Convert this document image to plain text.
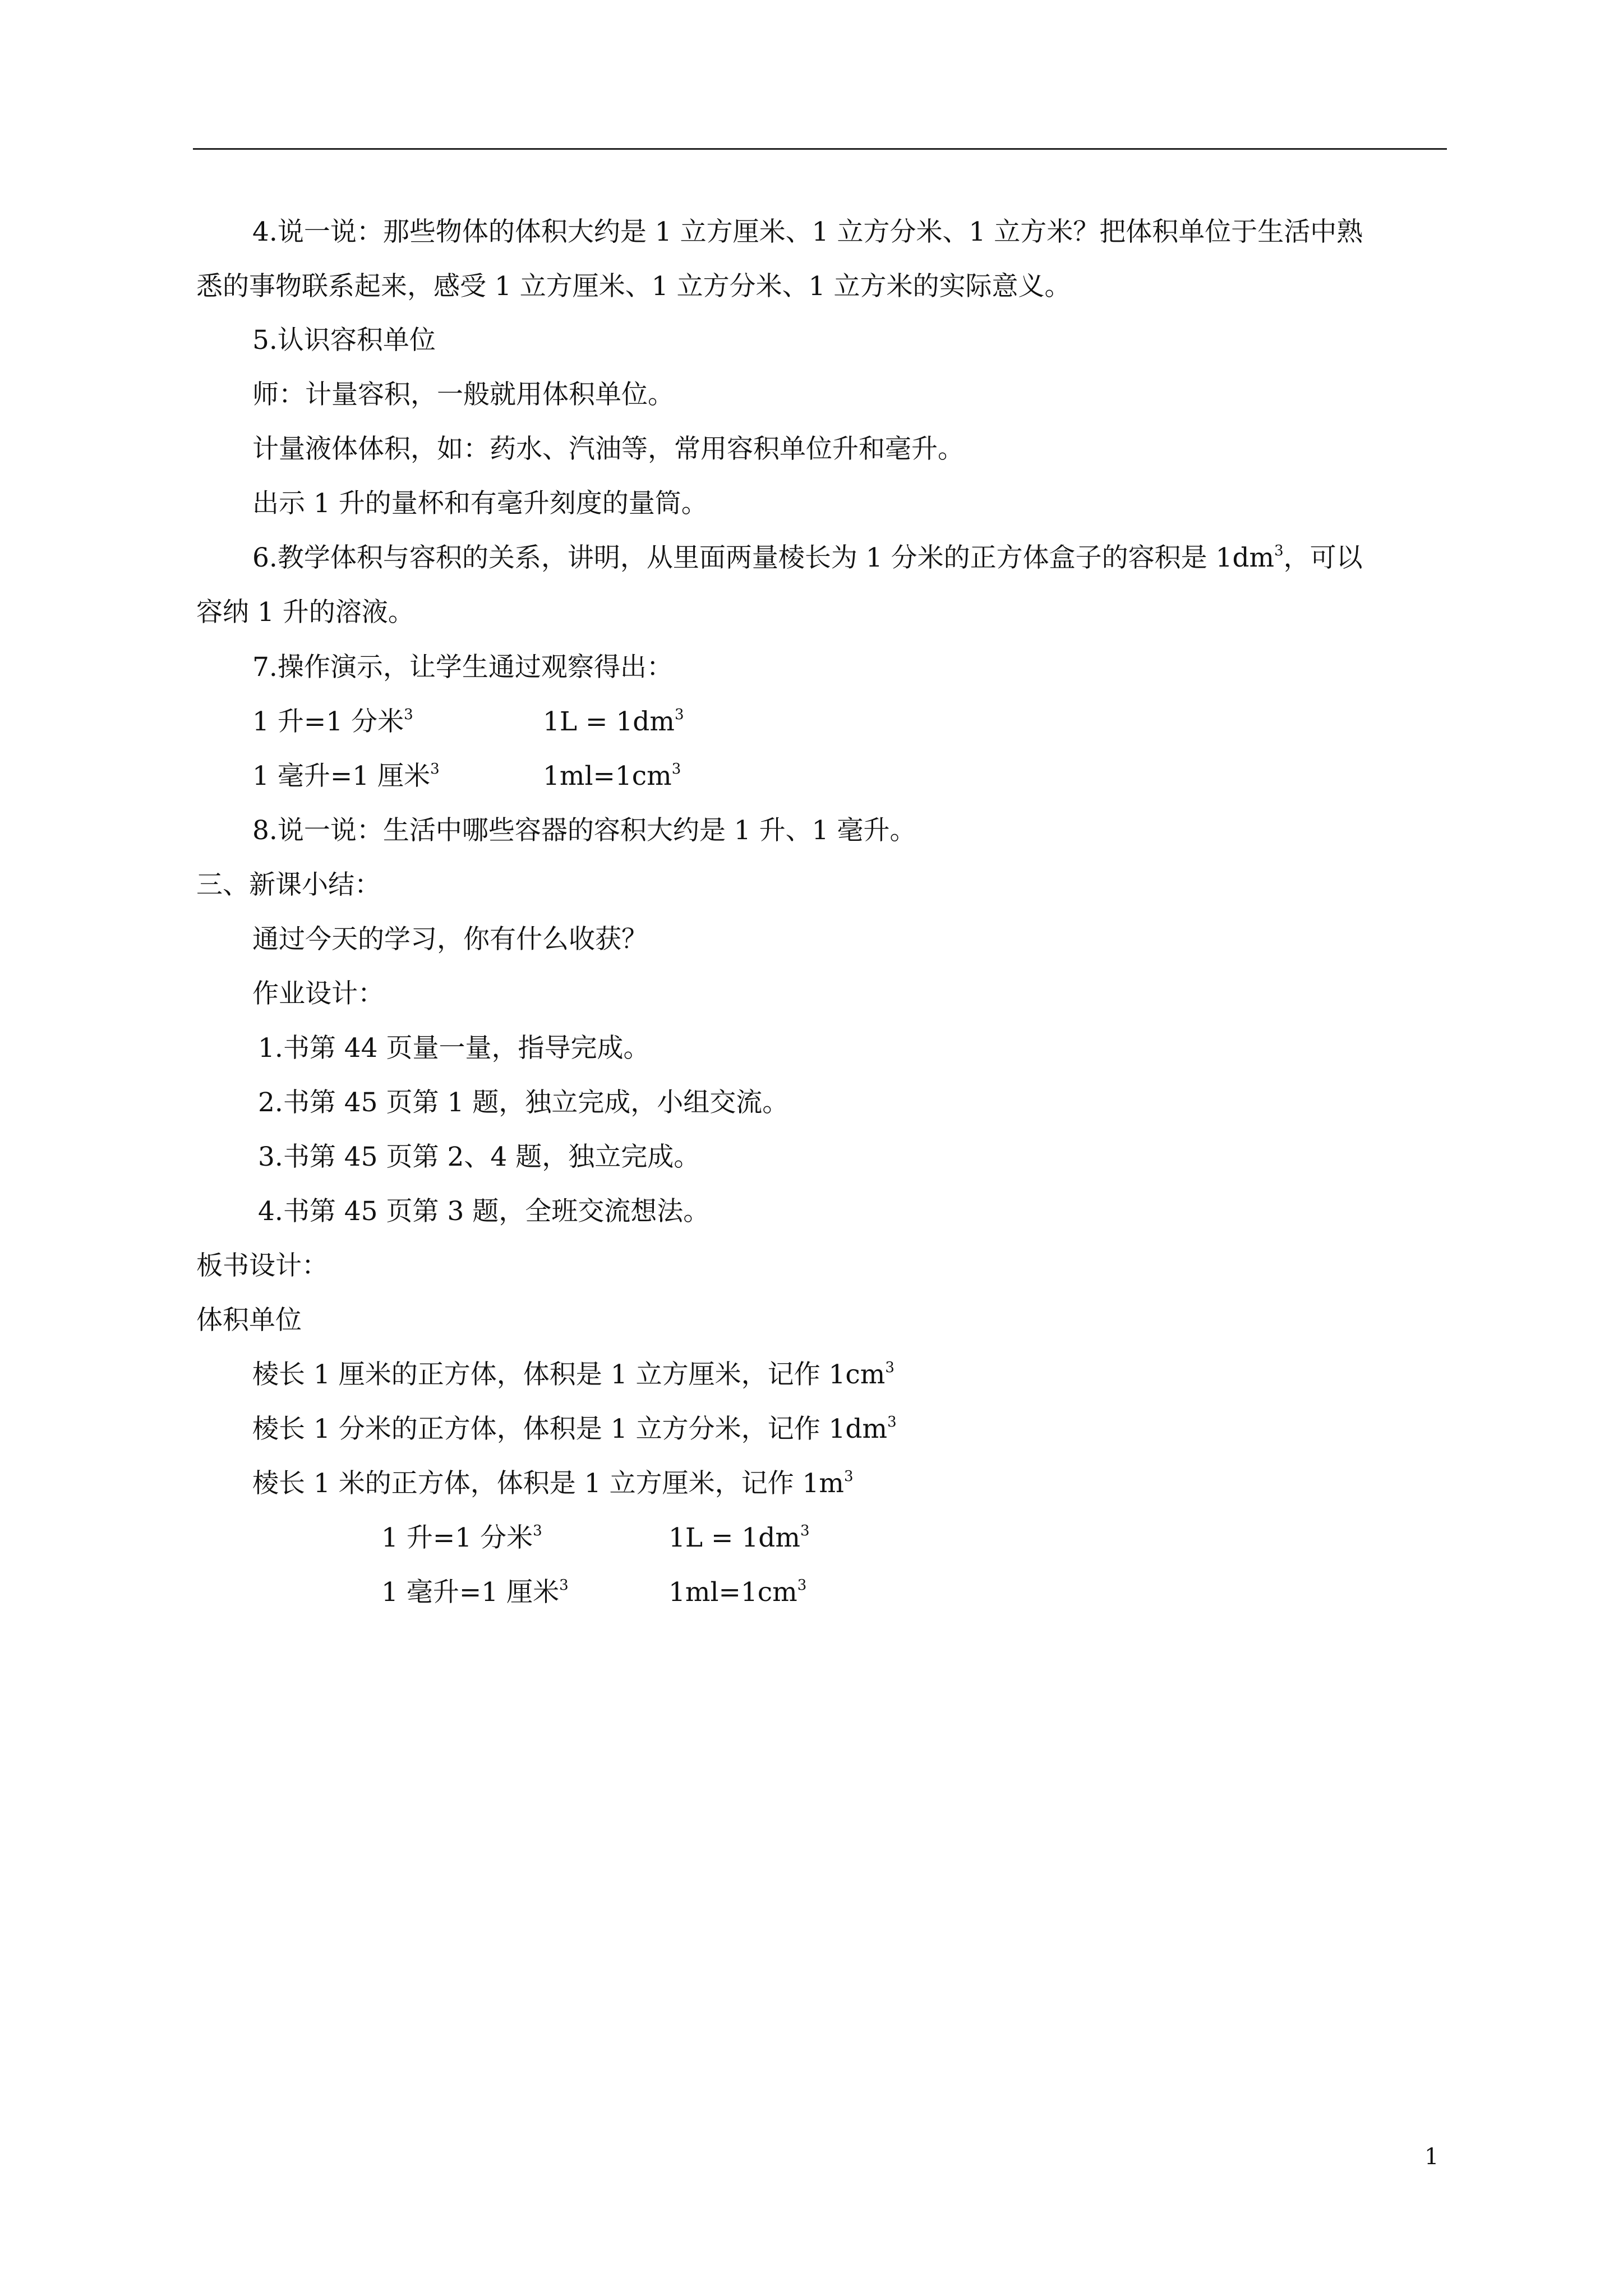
4.说一说：那些物体的体积大约是 1 立方厘米、1 立方分米、1 立方米？把体积单位于生活中熟
悉的事物联系起来，感受 1 立方厘米、1 立方分米、1 立方米的实际意义。
5.认识容积单位
师：计量容积，一般就用体积单位。
计量液体体积，如：药水、汽油等，常用容积单位升和毫升。
出示 1 升的量杯和有毫升刻度的量筒。
6.教学体积与容积的关系，讲明，从里面两量棱长为 1 分米的正方体盒子的容积是 $1dm^3$，可以
容纳 1 升的溶液。
7.操作演示，让学生通过观察得出：
1 升=1 分米$^3$	$1L = 1dm^3$
1 毫升=1 厘米$^3$	$1ml=1cm^3$
8.说一说：生活中哪些容器的容积大约是 1 升、1 毫升。
三、新课小结：
通过今天的学习，你有什么收获？
作业设计：
1.书第 44 页量一量，指导完成。
2.书第 45 页第 1 题，独立完成，小组交流。
3.书第 45 页第 2、4 题，独立完成。
4.书第 45 页第 3 题，全班交流想法。
板书设计：
体积单位
棱长 1 厘米的正方体，体积是 1 立方厘米，记作 $1cm^3$
棱长 1 分米的正方体，体积是 1 立方分米，记作 $1dm^3$
棱长 1 米的正方体，体积是 1 立方厘米，记作 $1m^3$
1 升=1 分米$^3$	$1L = 1dm^3$
1 毫升=1 厘米$^3$	$1ml=1cm^3$
1
